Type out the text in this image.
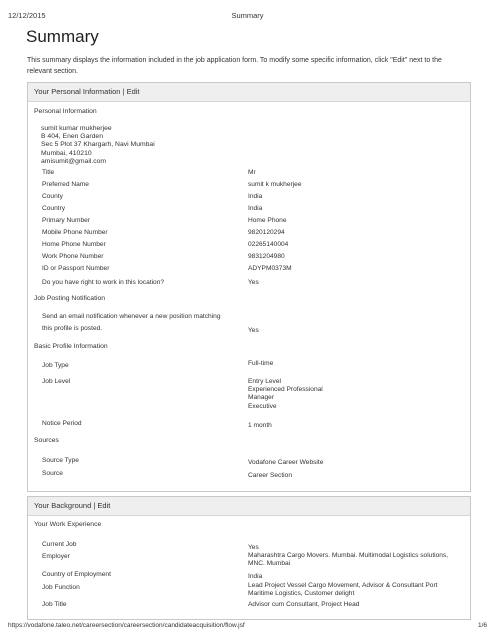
12/12/2015	Summary
Summary
This summary displays the information included in the job application form. To modify some specific information, click "Edit" next to the relevant section.
Your Personal Information | Edit
Personal Information
sumit kumar mukherjee
B 404, Enen Garden
Sec 5 Plot 37 Khargarh, Navi Mumbai
Mumbai, 410210
amisumit@gmail.com
Title	Mr
Preferred Name	sumit k mukherjee
County	India
Country	India
Primary Number	Home Phone
Mobile Phone Number	9820120294
Home Phone Number	02265140004
Work Phone Number	9831204980
ID or Passport Number	ADYPM0373M
Do you have right to work in this location?	Yes
Job Posting Notification
Send an email notification whenever a new position matching
this profile is posted.	Yes
Basic Profile Information
Job Type	Full-time
Job Level	Entry Level
Experienced Professional
Manager
Executive
Notice Period	1 month
Sources
Source Type	Vodafone Career Website
Source	Career Section
Your Background | Edit
Your Work Experience
Current Job	Yes
Employer	Maharashtra Cargo Movers. Mumbai. Multimodal Logistics solutions,
MNC. Mumbai
Country of Employment	India
Job Function	Lead Project Vessel Cargo Movement, Advisor & Consultant Port
Maritime Logistics, Customer delight
Job Title	Advisor cum Consultant, Project Head
https://vodafone.taleo.net/careersection/careersection/candidateacquisition/flow.jsf	1/6
